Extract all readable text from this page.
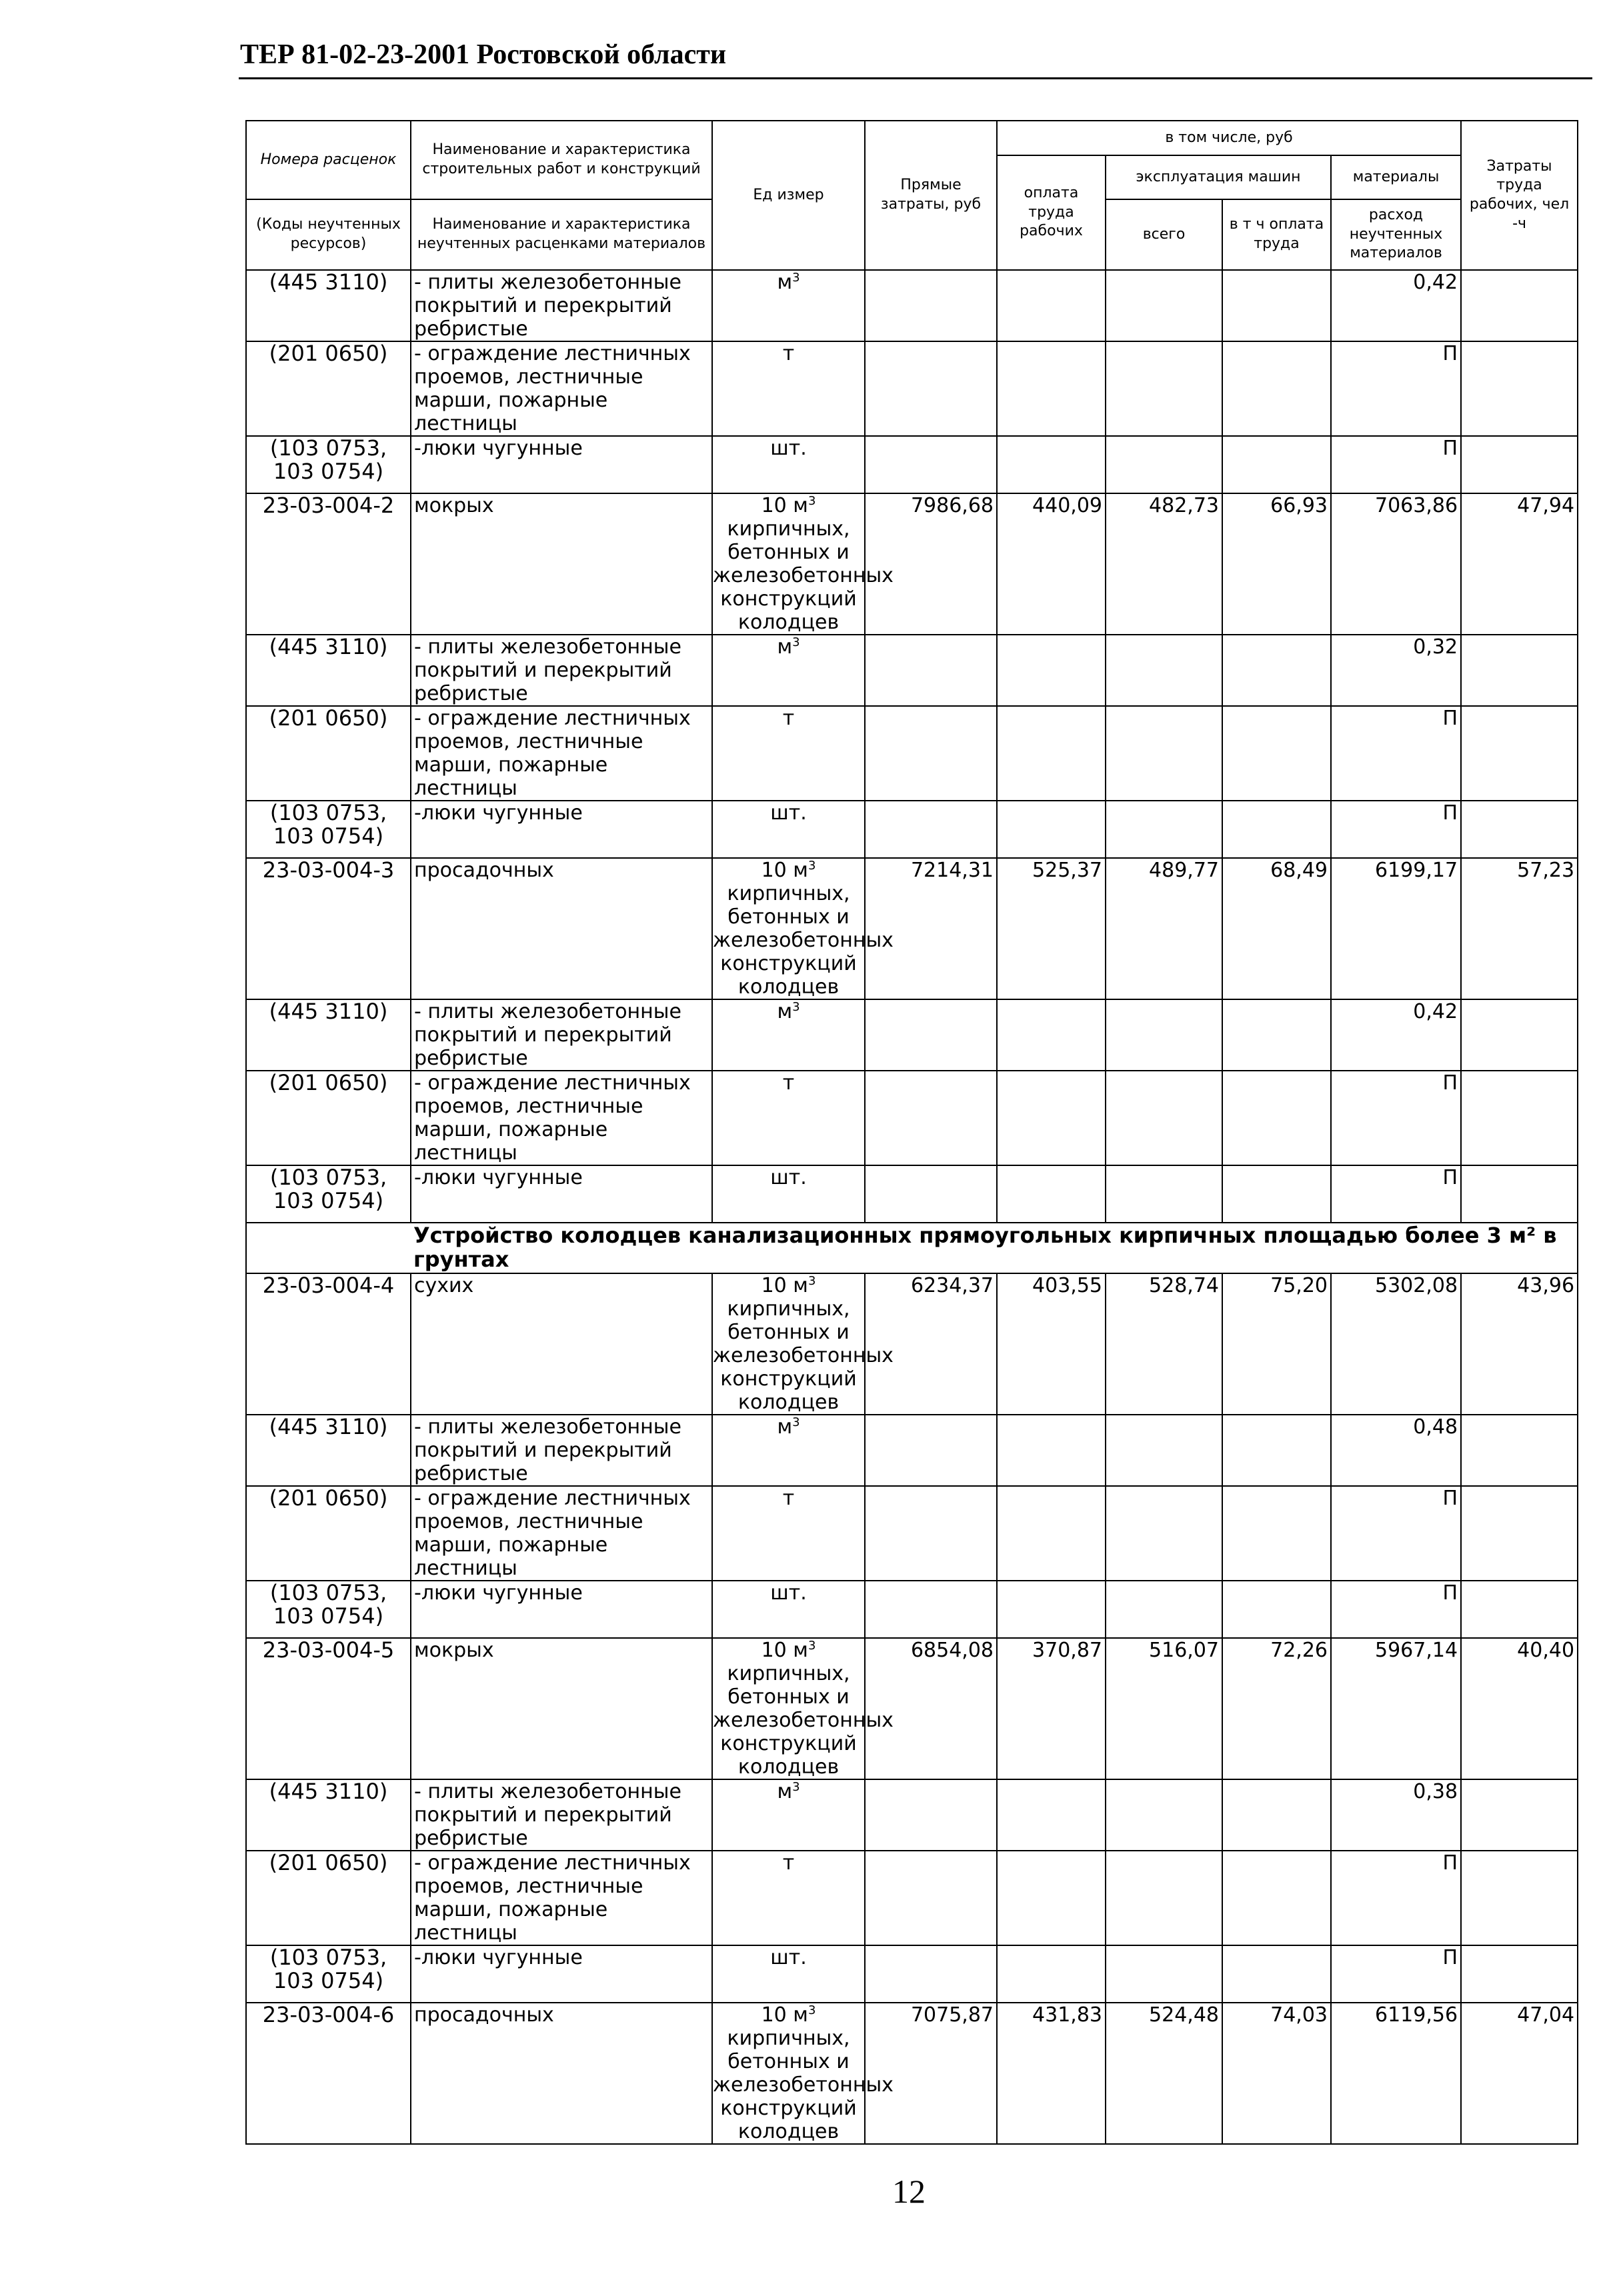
ТЕР 81-02-23-2001 Ростовской области
Номера расценок	Наименование и характеристика строительных работ и конструкций	Ед измер	Прямые затраты, руб	в том числе, руб				Затраты труда рабочих, чел -ч
				оплата труда рабочих	эксплуатация машин		материалы	
(Коды неучтенных ресурсов)	Наименование и характеристика неучтенных расценками материалов				всего	в т ч оплата труда	расход неучтенных материалов	

(445 3110)	- плиты железобетонные покрытий и перекрытий ребристые	$м^3$					0,42	
(201 0650)	- ограждение лестничных проемов, лестничные марши, пожарные лестницы	т					П	
(103 0753, 103 0754)	-люки чугунные	шт.					П	
23-03-004-2	мокрых	10 $м^3$ кирпичных, бетонных и железобетонных конструкций колодцев	7986,68	440,09	482,73	66,93	7063,86	47,94
(445 3110)	- плиты железобетонные покрытий и перекрытий ребристые	$м^3$					0,32	
(201 0650)	- ограждение лестничных проемов, лестничные марши, пожарные лестницы	т					П	
(103 0753, 103 0754)	-люки чугунные	шт.					П	
23-03-004-3	просадочных	10 $м^3$ кирпичных, бетонных и железобетонных конструкций колодцев	7214,31	525,37	489,77	68,49	6199,17	57,23
(445 3110)	- плиты железобетонные покрытий и перекрытий ребристые	$м^3$					0,42	
(201 0650)	- ограждение лестничных проемов, лестничные марши, пожарные лестницы	т					П	
(103 0753, 103 0754)	-люки чугунные	шт.					П	
Устройство колодцев канализационных прямоугольных кирпичных площадью более 3 м² в грунтах								
23-03-004-4	сухих	10 $м^3$ кирпичных, бетонных и железобетонных конструкций колодцев	6234,37	403,55	528,74	75,20	5302,08	43,96
(445 3110)	- плиты железобетонные покрытий и перекрытий ребристые	$м^3$					0,48	
(201 0650)	- ограждение лестничных проемов, лестничные марши, пожарные лестницы	т					П	
(103 0753, 103 0754)	-люки чугунные	шт.					П	
23-03-004-5	мокрых	10 $м^3$ кирпичных, бетонных и железобетонных конструкций колодцев	6854,08	370,87	516,07	72,26	5967,14	40,40
(445 3110)	- плиты железобетонные покрытий и перекрытий ребристые	$м^3$					0,38	
(201 0650)	- ограждение лестничных проемов, лестничные марши, пожарные лестницы	т					П	
(103 0753, 103 0754)	-люки чугунные	шт.					П	
23-03-004-6	просадочных	10 $м^3$ кирпичных, бетонных и железобетонных конструкций колодцев	7075,87	431,83	524,48	74,03	6119,56	47,04
12
